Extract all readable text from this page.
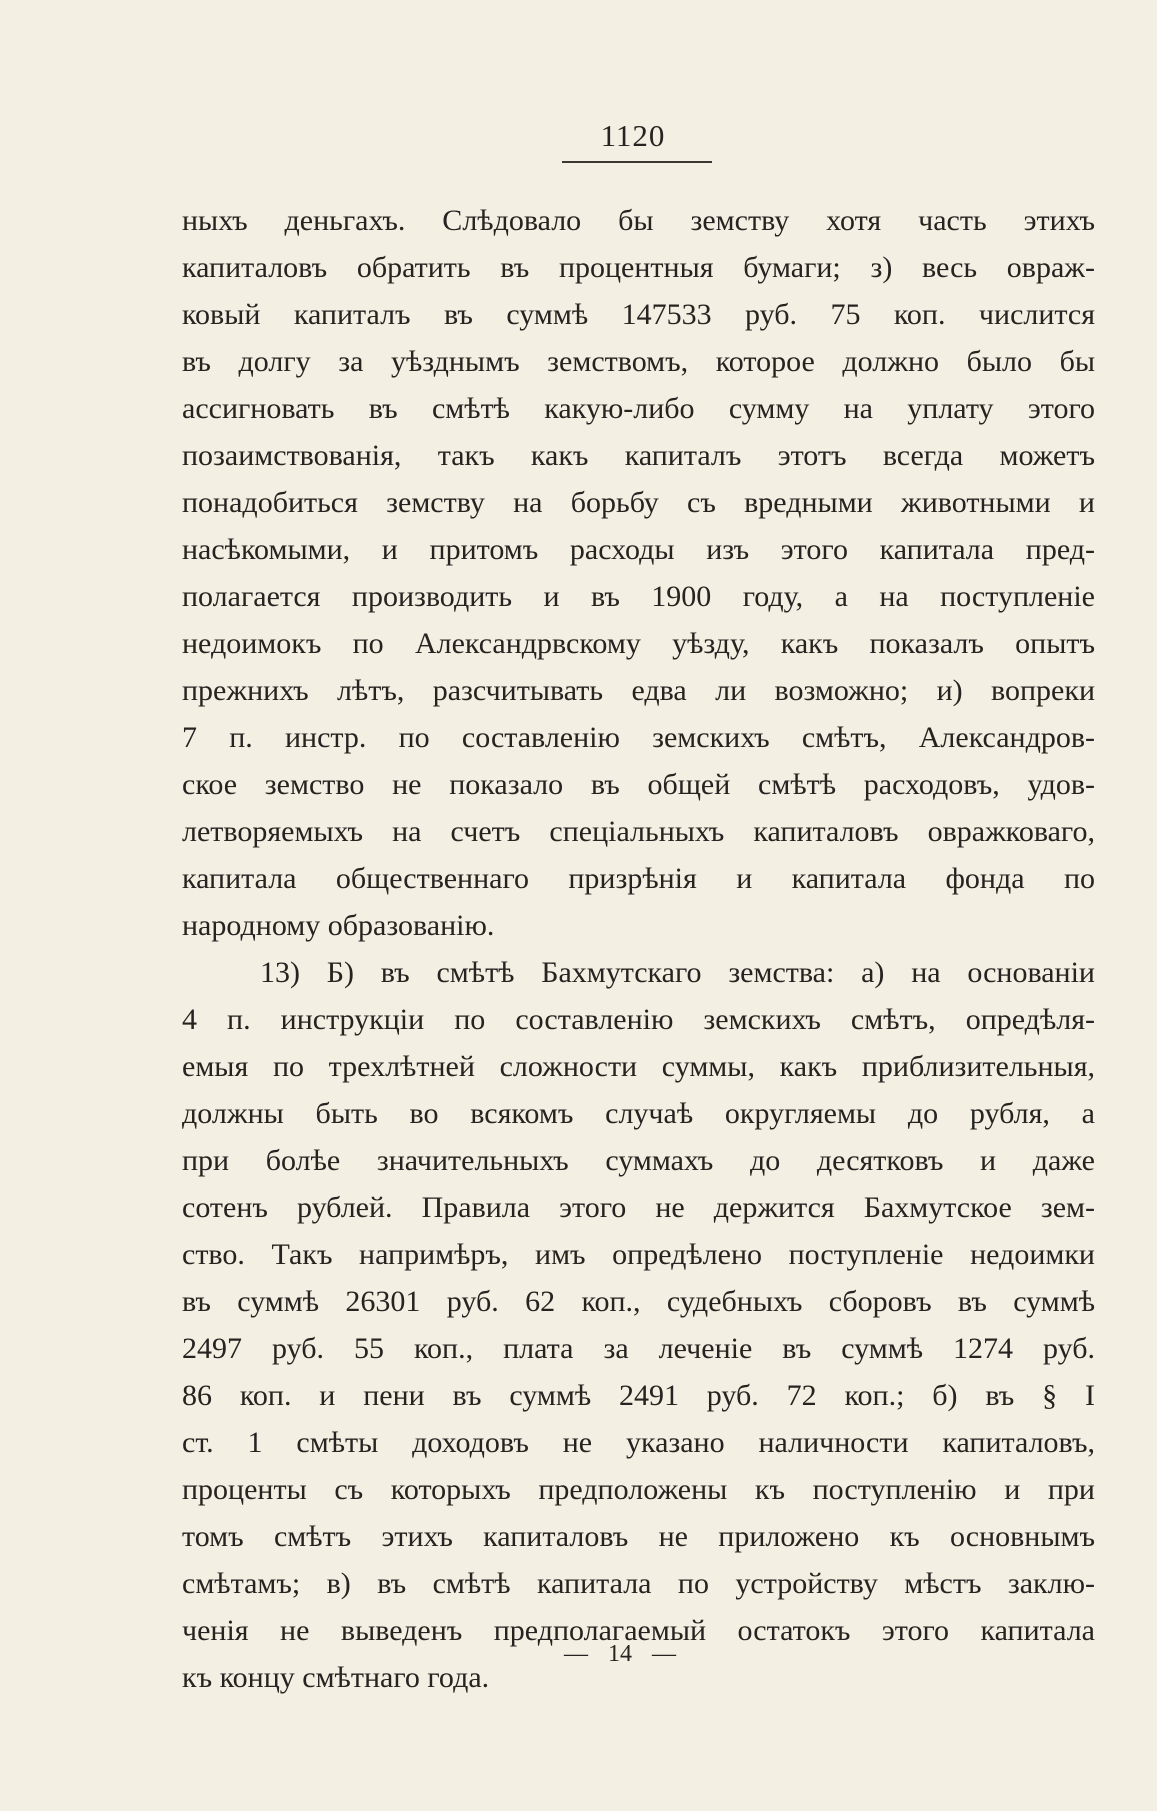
1120
ныхъ деньгахъ. Слѣдовало бы земству хотя часть этихъ
капиталовъ обратить въ процентныя бумаги; з) весь овраж-
ковый капиталъ въ суммѣ 147533 руб. 75 коп. числится
въ долгу за уѣзднымъ земствомъ, которое должно было бы
ассигновать въ смѣтѣ какую-либо сумму на уплату этого
позаимствованія, такъ какъ капиталъ этотъ всегда можетъ
понадобиться земству на борьбу съ вредными животными и
насѣкомыми, и притомъ расходы изъ этого капитала пред-
полагается производить и въ 1900 году, а на поступленіе
недоимокъ по Александрвскому уѣзду, какъ показалъ опытъ
прежнихъ лѣтъ, разсчитывать едва ли возможно; и) вопреки
7 п. инстр. по составленію земскихъ смѣтъ, Александров-
ское земство не показало въ общей смѣтѣ расходовъ, удов-
летворяемыхъ на счетъ спеціальныхъ капиталовъ овражковаго,
капитала общественнаго призрѣнія и капитала фонда по
народному образованію.
13) Б) въ смѣтѣ Бахмутскаго земства: а) на основаніи
4 п. инструкціи по составленію земскихъ смѣтъ, опредѣля-
емыя по трехлѣтней сложности суммы, какъ приблизительныя,
должны быть во всякомъ случаѣ округляемы до рубля, а
при болѣе значительныхъ суммахъ до десятковъ и даже
сотенъ рублей. Правила этого не держится Бахмутское зем-
ство. Такъ напримѣръ, имъ опредѣлено поступленіе недоимки
въ суммѣ 26301 руб. 62 коп., судебныхъ сборовъ въ суммѣ
2497 руб. 55 коп., плата за леченіе въ суммѣ 1274 руб.
86 коп. и пени въ суммѣ 2491 руб. 72 коп.; б) въ § I
ст. 1 смѣты доходовъ не указано наличности капиталовъ,
проценты съ которыхъ предположены къ поступленію и при
томъ смѣтъ этихъ капиталовъ не приложено къ основнымъ
смѣтамъ; в) въ смѣтѣ капитала по устройству мѣстъ заклю-
ченія не выведенъ предполагаемый остатокъ этого капитала
къ концу смѣтнаго года.
— 14 —
